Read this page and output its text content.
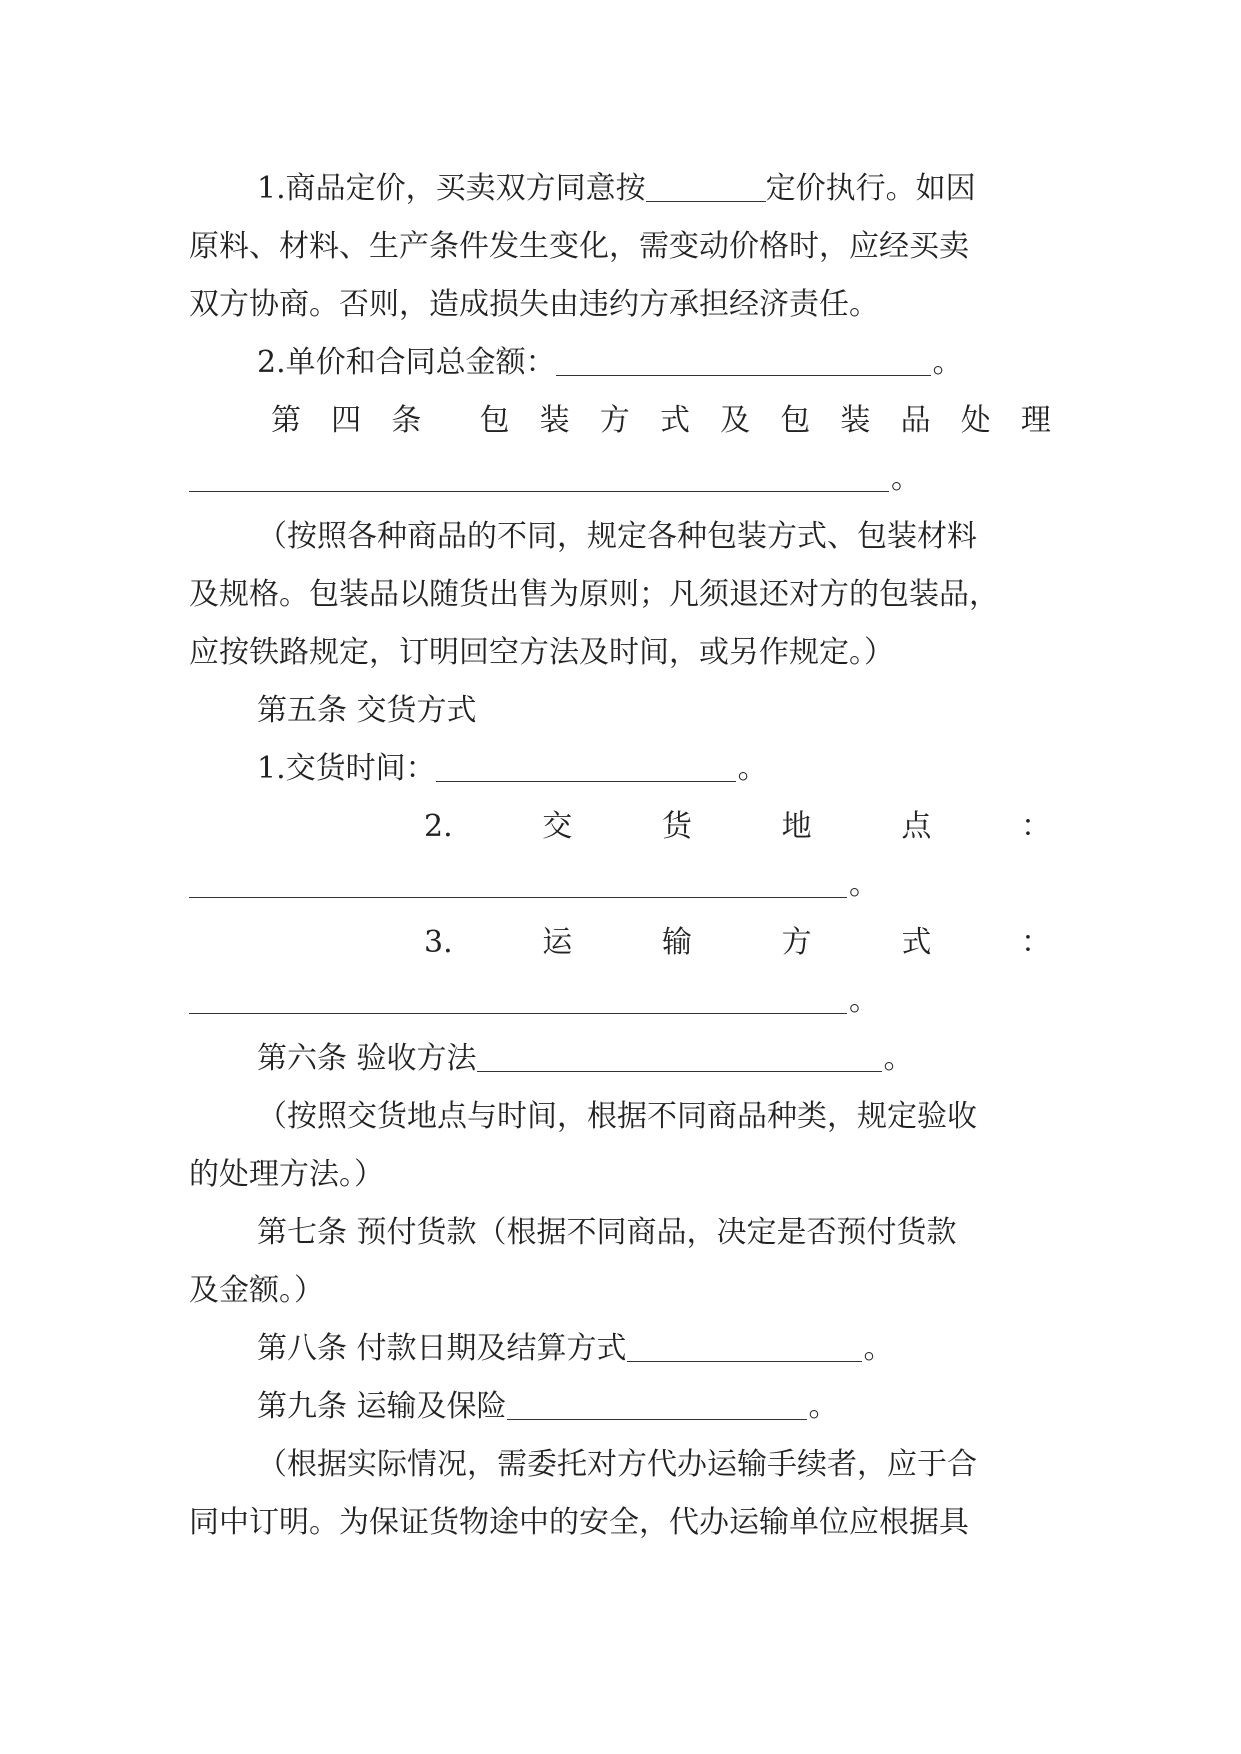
1.商品定价，买卖双方同意按	定价执行。如因

原料、材料、生产条件发生变化，需变动价格时，应经买卖

双方协商。否则，造成损失由违约方承担经济责任。

2.单价和合同总金额：	。

第 四 条 包 装 方 式 及 包 装 品 处 理

。

（按照各种商品的不同，规定各种包装方式、包装材料

及规格。包装品以随货出售为原则；凡须退还对方的包装品，

应按铁路规定，订明回空方法及时间，或另作规定。）

第五条 交货方式

1.交货时间：	。

2.	交	货	地	点	：

。

3.	运	输	方	式	：

。

第六条 验收方法	。

（按照交货地点与时间，根据不同商品种类，规定验收

的处理方法。）

第七条 预付货款（根据不同商品，决定是否预付货款

及金额。）

第八条 付款日期及结算方式	。

第九条 运输及保险	。

（根据实际情况，需委托对方代办运输手续者，应于合

同中订明。为保证货物途中的安全，代办运输单位应根据具
